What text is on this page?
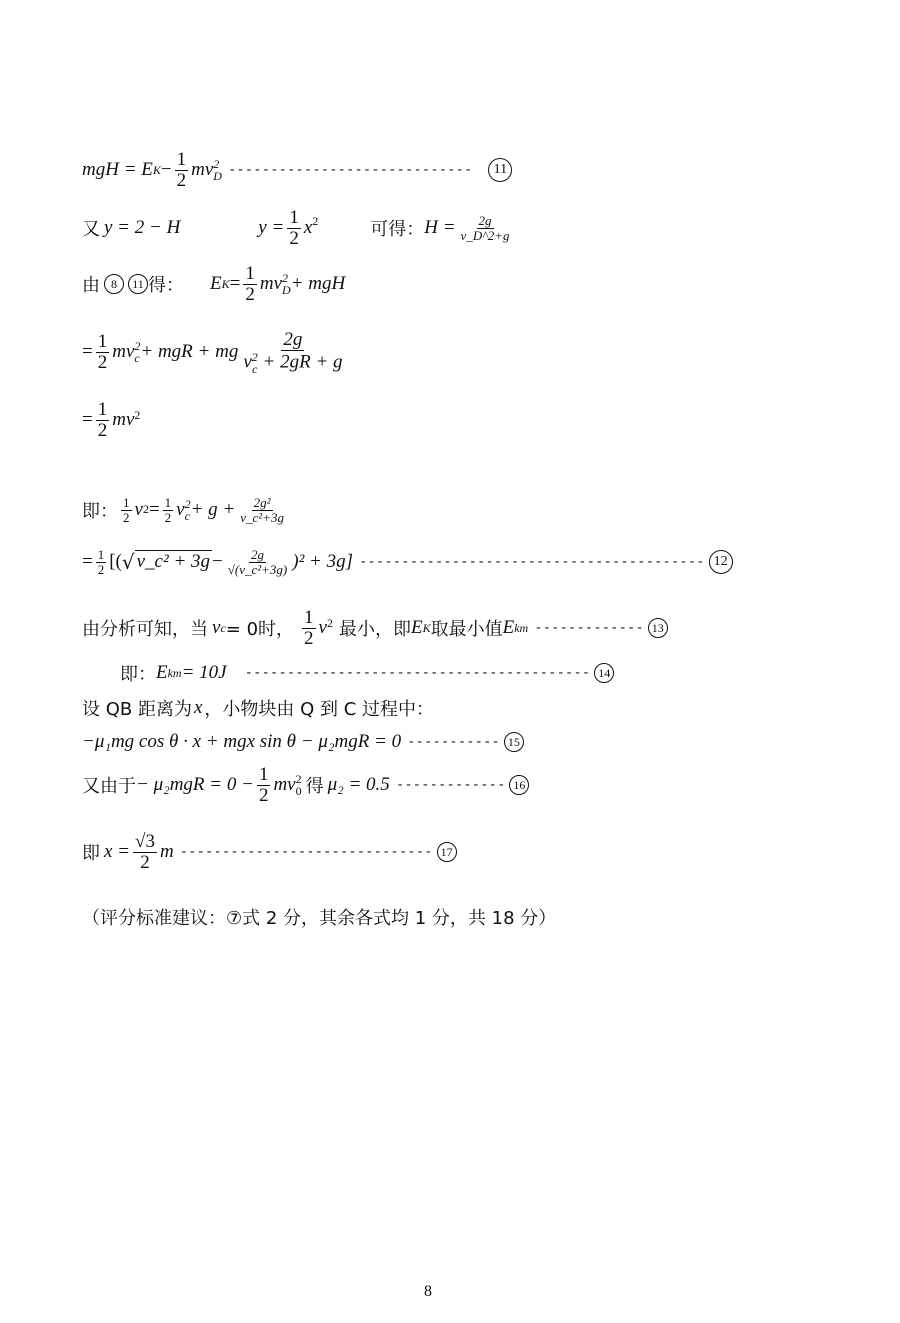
mgH = E $K - \frac{1}{2}$ mv 2
D -----------------------------	11
又 y = 2 − H	$y = \frac{1}{2} x^2$	可得： $H = \frac{2g}{v\_D\^{}2+g}$
由 8	11 得： E $K = \frac{1}{2}$ mv 2
D + mgH
= $\frac{1}{2}$ mv 2
c + mgR + mg 2g
v 2
c + 2gR + g
= $\frac{1}{2} mv^2$
即： $\frac{1}{2}$ v $2 = \frac{1}{2}$ v 2
$c + g + \frac{\text{2g²}}{\text{v\_c²+3g}}$
= $\frac{1}{2}$ [( √ v_c² + $3g - \frac{2g}{\text{√(v\_c²+3g)}} )^2 + 3g$] ----------------------------------------- 12
由分析可知，当 v c = 0时， $\frac{1}{2} v^2$ 最小，即 E K 取最小值 E km ------------- 13
即： E km = 10J ----------------------------------------- 14
设 QB 距离为 x ，小物块由 Q 到 C 过程中：
−μ₁mg cos θ · x + mgx sin θ − μ₂mgR = 0 ----------- 15
又由于 − $\mu_2mgR = 0 - \frac{1}{2}$ mv 2
0 得 μ₂ = 0.5 ------------- 16
即 $x = \frac{√3}{2}$ m ------------------------------ 17
（评分标准建议：⑦式 2 分，其余各式均 1 分，共 18 分）
8
